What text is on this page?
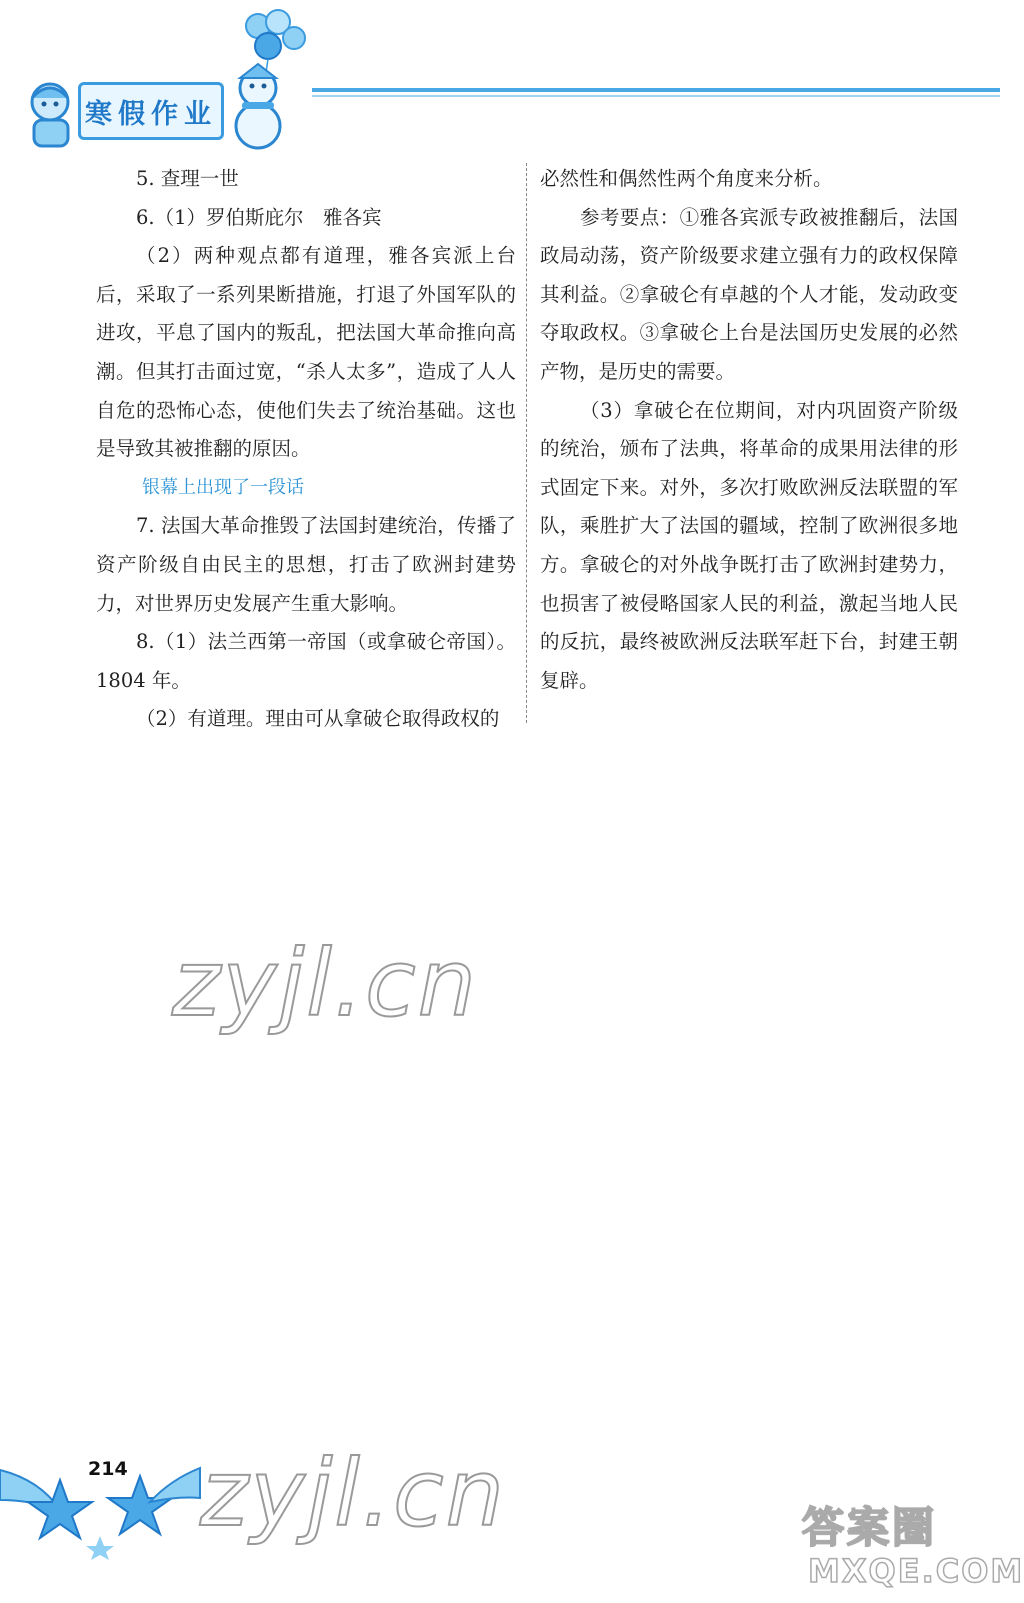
寒假作业

5. 查理一世

6.（1）罗伯斯庇尔　雅各宾

（2）两种观点都有道理，雅各宾派上台后，采取了一系列果断措施，打退了外国军队的进攻，平息了国内的叛乱，把法国大革命推向高潮。但其打击面过宽，“杀人太多”，造成了人人自危的恐怖心态，使他们失去了统治基础。这也是导致其被推翻的原因。

银幕上出现了一段话

7. 法国大革命推毁了法国封建统治，传播了资产阶级自由民主的思想，打击了欧洲封建势力，对世界历史发展产生重大影响。

8.（1）法兰西第一帝国（或拿破仑帝国）。1804 年。

（2）有道理。理由可从拿破仑取得政权的

必然性和偶然性两个角度来分析。

参考要点：①雅各宾派专政被推翻后，法国政局动荡，资产阶级要求建立强有力的政权保障其利益。②拿破仑有卓越的个人才能，发动政变夺取政权。③拿破仑上台是法国历史发展的必然产物，是历史的需要。

（3）拿破仑在位期间，对内巩固资产阶级的统治，颁布了法典，将革命的成果用法律的形式固定下来。对外，多次打败欧洲反法联盟的军队，乘胜扩大了法国的疆域，控制了欧洲很多地方。拿破仑的对外战争既打击了欧洲封建势力，也损害了被侵略国家人民的利益，激起当地人民的反抗，最终被欧洲反法联军赶下台，封建王朝复辟。

zyjl.cn
zyjl.cn
214
答案圈
MXQE.COM
